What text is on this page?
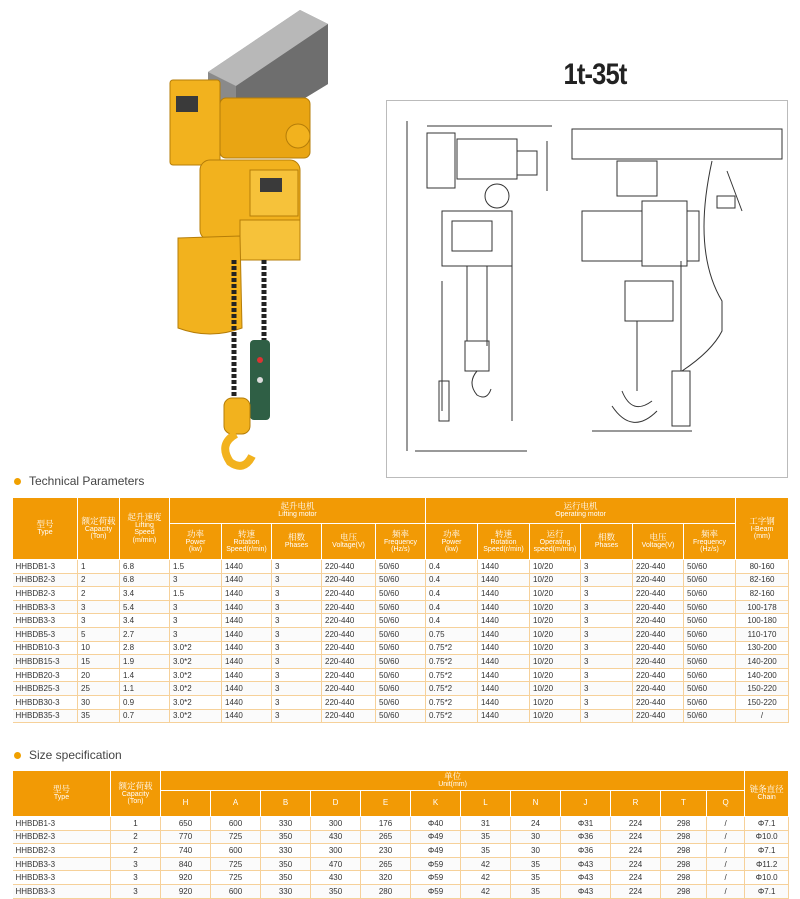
1t-35t
Technical Parameters
型号
Type	额定荷载
Capacity
(Ton)	起升速度
Lifting
Speed
(m/min)	起升电机
Lifting motor					运行电机
Operating motor						工字钢
I-Beam
(mm)

			功率
Power
(kw)	转速
Rotation
Speed(r/min)	相数
Phases	电压
Voltage(V)	频率
Frequency
(Hz/s)	功率
Power
(kw)	转速
Rotation
Speed(r/min)	运行
Operating
speed(m/min)	相数
Phases	电压
Voltage(V)	频率
Frequency
(Hz/s)	

HHBDB1-3	1	6.8	1.5	1440	3	220-440	50/60	0.4	1440	10/20	3	220-440	50/60	80-160
HHBDB2-3	2	6.8	3	1440	3	220-440	50/60	0.4	1440	10/20	3	220-440	50/60	82-160
HHBDB2-3	2	3.4	1.5	1440	3	220-440	50/60	0.4	1440	10/20	3	220-440	50/60	82-160
HHBDB3-3	3	5.4	3	1440	3	220-440	50/60	0.4	1440	10/20	3	220-440	50/60	100-178
HHBDB3-3	3	3.4	3	1440	3	220-440	50/60	0.4	1440	10/20	3	220-440	50/60	100-180
HHBDB5-3	5	2.7	3	1440	3	220-440	50/60	0.75	1440	10/20	3	220-440	50/60	110-170
HHBDB10-3	10	2.8	3.0*2	1440	3	220-440	50/60	0.75*2	1440	10/20	3	220-440	50/60	130-200
HHBDB15-3	15	1.9	3.0*2	1440	3	220-440	50/60	0.75*2	1440	10/20	3	220-440	50/60	140-200
HHBDB20-3	20	1.4	3.0*2	1440	3	220-440	50/60	0.75*2	1440	10/20	3	220-440	50/60	140-200
HHBDB25-3	25	1.1	3.0*2	1440	3	220-440	50/60	0.75*2	1440	10/20	3	220-440	50/60	150-220
HHBDB30-3	30	0.9	3.0*2	1440	3	220-440	50/60	0.75*2	1440	10/20	3	220-440	50/60	150-220
HHBDB35-3	35	0.7	3.0*2	1440	3	220-440	50/60	0.75*2	1440	10/20	3	220-440	50/60	/
Size specification
型号
Type	额定荷载
Capacity
(Ton)	单位
Unit(mm)												链条直径
Chain

		H	A	B	D	E	K	L	N	J	R	T	Q	
HHBDB1-3	1	650	600	330	300	176	Φ40	31	24	Φ31	224	298	/	Φ7.1
HHBDB2-3	2	770	725	350	430	265	Φ49	35	30	Φ36	224	298	/	Φ10.0
HHBDB2-3	2	740	600	330	300	230	Φ49	35	30	Φ36	224	298	/	Φ7.1
HHBDB3-3	3	840	725	350	470	265	Φ59	42	35	Φ43	224	298	/	Φ11.2
HHBDB3-3	3	920	725	350	430	320	Φ59	42	35	Φ43	224	298	/	Φ10.0
HHBDB3-3	3	920	600	330	350	280	Φ59	42	35	Φ43	224	298	/	Φ7.1
